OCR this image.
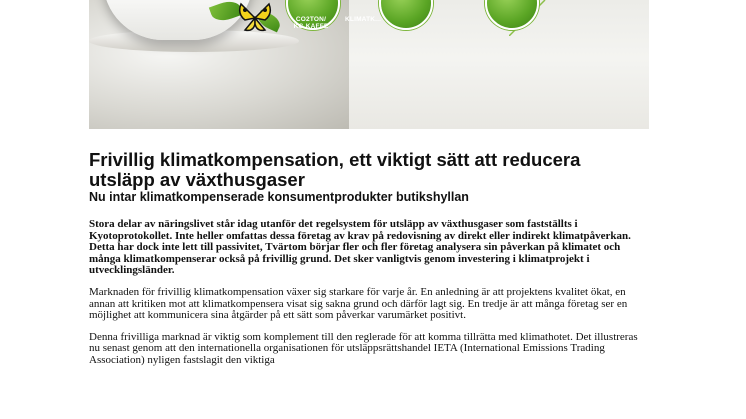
CO2TON/
KG KAFFE
KLIMATK...
Frivillig klimatkompensation, ett viktigt sätt att reducera utsläpp av växthusgaser
Nu intar klimatkompenserade konsumentprodukter butikshyllan

Stora delar av näringslivet står idag utanför det regelsystem för utsläpp av växthusgaser som fastställts i Kyotoprotokollet. Inte heller omfattas dessa företag av krav på redovisning av direkt eller indirekt klimatpåverkan. Detta har dock inte lett till passivitet, Tvärtom börjar fler och fler företag analysera sin påverkan på klimatet och många klimatkompenserar också på frivillig grund. Det sker vanligtvis genom investering i klimatprojekt i utvecklingsländer.

Marknaden för frivillig klimatkompensation växer sig starkare för varje år. En anledning är att projektens kvalitet ökat, en annan att kritiken mot att klimatkompensera visat sig sakna grund och därför lagt sig. En tredje är att många företag ser en möjlighet att kommunicera sina åtgärder på ett sätt som påverkar varumärket positivt.

Denna frivilliga marknad är viktig som komplement till den reglerade för att komma tillrätta med klimathotet. Det illustreras nu senast genom att den internationella organisationen för utsläppsrättshandel IETA (International Emissions Trading Association) nyligen fastslagit den viktiga
